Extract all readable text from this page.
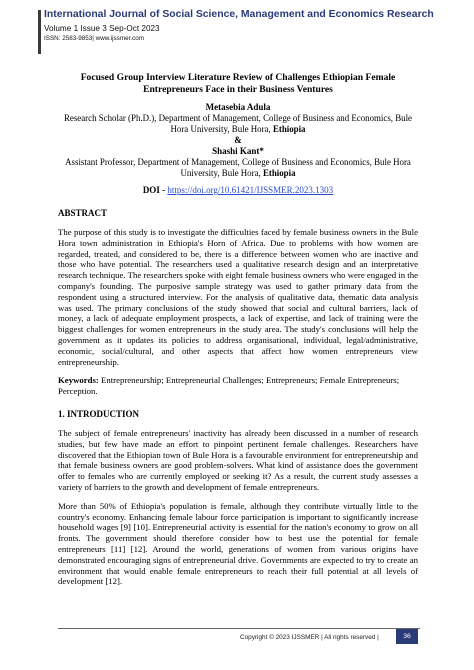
International Journal of Social Science, Management and Economics Research
Volume 1 Issue 3 Sep-Oct 2023
ISSN: 2583-9853| www.ijssmer.com
Focused Group Interview Literature Review of Challenges Ethiopian Female Entrepreneurs Face in their Business Ventures
Metasebia Adula
Research Scholar (Ph.D.), Department of Management, College of Business and Economics, Bule Hora University, Bule Hora, Ethiopia
&
Shashi Kant*
Assistant Professor, Department of Management, College of Business and Economics, Bule Hora University, Bule Hora, Ethiopia
DOI - https://doi.org/10.61421/IJSSMER.2023.1303
ABSTRACT

The purpose of this study is to investigate the difficulties faced by female business owners in the Bule Hora town administration in Ethiopia's Horn of Africa. Due to problems with how women are regarded, treated, and considered to be, there is a difference between women who are inactive and those who have potential. The researchers used a qualitative research design and an interpretative research technique. The researchers spoke with eight female business owners who were engaged in the company's founding. The purposive sample strategy was used to gather primary data from the respondent using a structured interview. For the analysis of qualitative data, thematic data analysis was used. The primary conclusions of the study showed that social and cultural barriers, lack of money, a lack of adequate employment prospects, a lack of expertise, and lack of training were the biggest challenges for women entrepreneurs in the study area. The study's conclusions will help the government as it updates its policies to address organisational, individual, legal/administrative, economic, social/cultural, and other aspects that affect how women entrepreneurs view entrepreneurship.

Keywords: Entrepreneurship; Entrepreneurial Challenges; Entrepreneurs; Female Entrepreneurs; Perception.
1. INTRODUCTION

The subject of female entrepreneurs' inactivity has already been discussed in a number of research studies, but few have made an effort to pinpoint pertinent female challenges. Researchers have discovered that the Ethiopian town of Bule Hora is a favourable environment for entrepreneurship and that female business owners are good problem-solvers. What kind of assistance does the government offer to females who are currently employed or seeking it? As a result, the current study assesses a variety of barriers to the growth and development of female entrepreneurs.

More than 50% of Ethiopia's population is female, although they contribute virtually little to the country's economy. Enhancing female labour force participation is important to significantly increase household wages [9] [10]. Entrepreneurial activity is essential for the nation's economy to grow on all fronts. The government should therefore consider how to best use the potential for female entrepreneurs [11] [12]. Around the world, generations of women from various origins have demonstrated encouraging signs of entrepreneurial drive. Governments are expected to try to create an environment that would enable female entrepreneurs to reach their full potential at all levels of development [12].

Copyright © 2023 IJSSMER | All rights reserved |	36
